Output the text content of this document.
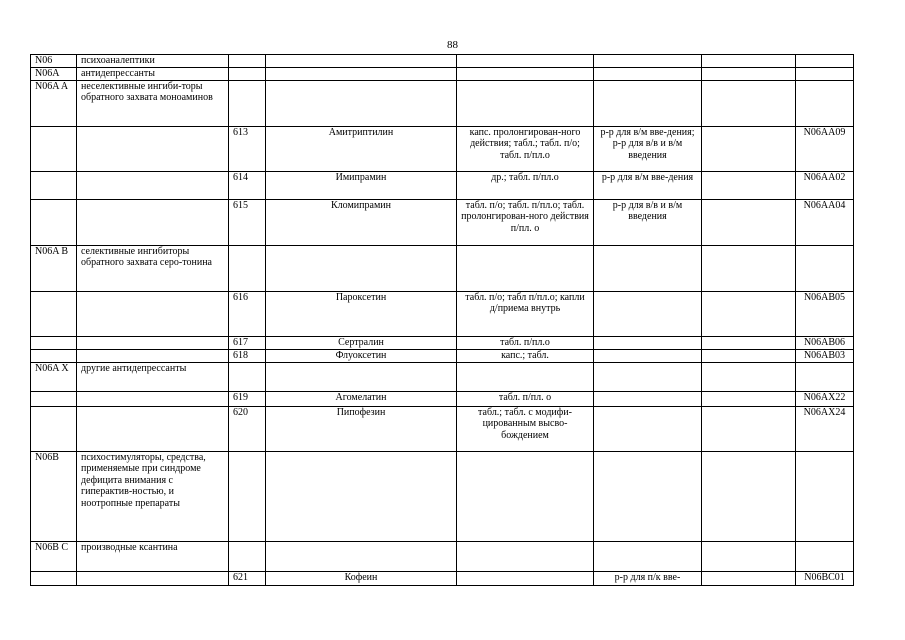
88
N06	психоаналептики						
N06A	антидепрессанты						
N06A A	неселективные ингиби-торы обратного захвата моноаминов						
		613	Амитриптилин	капс. пролонгирован-ного действия; табл.; табл. п/о; табл. п/пл.о	р-р для в/м вве-дения; р-р для в/в и в/м введения		N06AA09
		614	Имипрамин	др.; табл. п/пл.о	р-р для в/м вве-дения		N06AA02
		615	Кломипрамин	табл. п/о; табл. п/пл.о; табл. пролонгирован-ного действия п/пл. о	р-р для в/в и в/м введения		N06AA04
N06A B	селективные ингибиторы обратного захвата серо-тонина						
		616	Пароксетин	табл. п/о; табл п/пл.о; капли д/приема внутрь			N06AB05
		617	Сертралин	табл. п/пл.о			N06AB06
		618	Флуоксетин	капс.; табл.			N06AB03
N06A X	другие антидепрессанты						
		619	Агомелатин	табл. п/пл. о			N06AX22
		620	Пипофезин	табл.; табл. с модифи-цированным высво-бождением			N06AX24
N06B	психостимуляторы, средства, применяемые при синдроме дефицита внимания с гиперактив-ностью, и ноотропные препараты						
N06B C	производные ксантина						
		621	Кофеин		р-р для п/к вве-		N06BC01
